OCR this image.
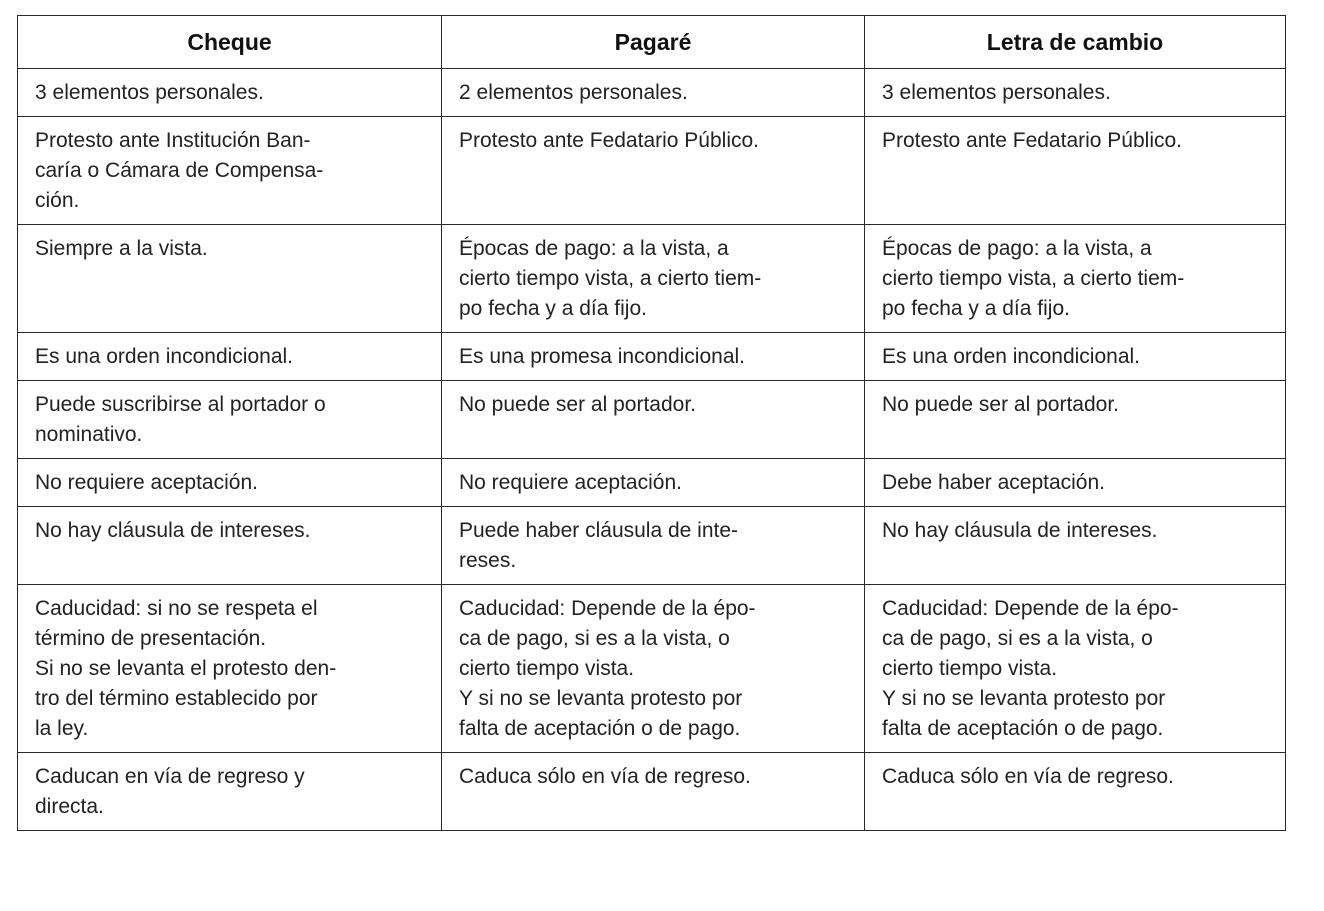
Cheque	Pagaré	Letra de cambio
3 elementos personales.	2 elementos personales.	3 elementos personales.
Protesto ante Institución Ban-
caría o Cámara de Compensa-
ción.	Protesto ante Fedatario Público.	Protesto ante Fedatario Público.
Siempre a la vista.	Épocas de pago: a la vista, a
cierto tiempo vista, a cierto tiem-
po fecha y a día fijo.	Épocas de pago: a la vista, a
cierto tiempo vista, a cierto tiem-
po fecha y a día fijo.
Es una orden incondicional.	Es una promesa incondicional.	Es una orden incondicional.
Puede suscribirse al portador o
nominativo.	No puede ser al portador.	No puede ser al portador.
No requiere aceptación.	No requiere aceptación.	Debe haber aceptación.
No hay cláusula de intereses.	Puede haber cláusula de inte-
reses.	No hay cláusula de intereses.
Caducidad: si no se respeta el
término de presentación.
Si no se levanta el protesto den-
tro del término establecido por
la ley.	Caducidad: Depende de la épo-
ca de pago, si es a la vista, o
cierto tiempo vista.
Y si no se levanta protesto por
falta de aceptación o de pago.	Caducidad: Depende de la épo-
ca de pago, si es a la vista, o
cierto tiempo vista.
Y si no se levanta protesto por
falta de aceptación o de pago.
Caducan en vía de regreso y
directa.	Caduca sólo en vía de regreso.	Caduca sólo en vía de regreso.
